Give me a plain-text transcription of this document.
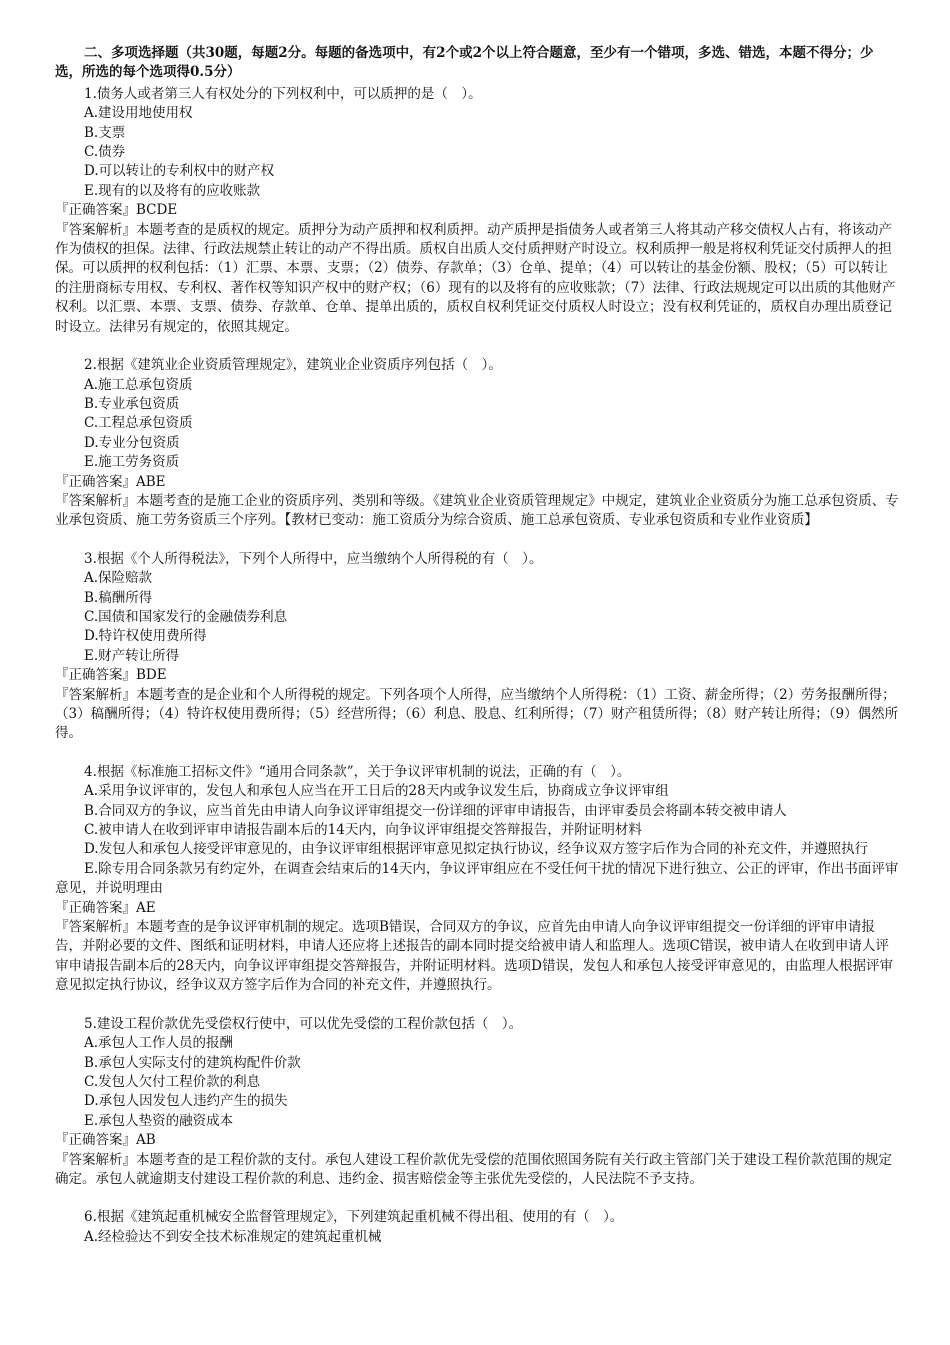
二、多项选择题（共30题，每题2分。每题的备选项中，有2个或2个以上符合题意，至少有一个错项，多选、错选，本题不得分；少选，所选的每个选项得0.5分）

1.债务人或者第三人有权处分的下列权利中，可以质押的是（　）。

A.建设用地使用权

B.支票

C.债券

D.可以转让的专利权中的财产权

E.现有的以及将有的应收账款

『正确答案』BCDE

『答案解析』本题考查的是质权的规定。质押分为动产质押和权利质押。动产质押是指债务人或者第三人将其动产移交债权人占有，将该动产作为债权的担保。法律、行政法规禁止转让的动产不得出质。质权自出质人交付质押财产时设立。权利质押一般是将权利凭证交付质押人的担保。可以质押的权利包括：（1）汇票、本票、支票；（2）债券、存款单；（3）仓单、提单；（4）可以转让的基金份额、股权；（5）可以转让的注册商标专用权、专利权、著作权等知识产权中的财产权；（6）现有的以及将有的应收账款；（7）法律、行政法规规定可以出质的其他财产权利。以汇票、本票、支票、债券、存款单、仓单、提单出质的，质权自权利凭证交付质权人时设立；没有权利凭证的，质权自办理出质登记时设立。法律另有规定的，依照其规定。

2.根据《建筑业企业资质管理规定》，建筑业企业资质序列包括（　）。

A.施工总承包资质

B.专业承包资质

C.工程总承包资质

D.专业分包资质

E.施工劳务资质

『正确答案』ABE

『答案解析』本题考查的是施工企业的资质序列、类别和等级。《建筑业企业资质管理规定》中规定，建筑业企业资质分为施工总承包资质、专业承包资质、施工劳务资质三个序列。【教材已变动：施工资质分为综合资质、施工总承包资质、专业承包资质和专业作业资质】

3.根据《个人所得税法》，下列个人所得中，应当缴纳个人所得税的有（　）。

A.保险赔款

B.稿酬所得

C.国债和国家发行的金融债券利息

D.特许权使用费所得

E.财产转让所得

『正确答案』BDE

『答案解析』本题考查的是企业和个人所得税的规定。下列各项个人所得，应当缴纳个人所得税：（1）工资、薪金所得；（2）劳务报酬所得；（3）稿酬所得；（4）特许权使用费所得；（5）经营所得；（6）利息、股息、红利所得；（7）财产租赁所得；（8）财产转让所得；（9）偶然所得。

4.根据《标准施工招标文件》“通用合同条款”，关于争议评审机制的说法，正确的有（　）。

A.采用争议评审的，发包人和承包人应当在开工日后的28天内或争议发生后，协商成立争议评审组

B.合同双方的争议，应当首先由申请人向争议评审组提交一份详细的评审申请报告，由评审委员会将副本转交被申请人

C.被申请人在收到评审申请报告副本后的14天内，向争议评审组提交答辩报告，并附证明材料

D.发包人和承包人接受评审意见的，由争议评审组根据评审意见拟定执行协议，经争议双方签字后作为合同的补充文件，并遵照执行

E.除专用合同条款另有约定外，在调查会结束后的14天内，争议评审组应在不受任何干扰的情况下进行独立、公正的评审，作出书面评审意见，并说明理由

『正确答案』AE

『答案解析』本题考查的是争议评审机制的规定。选项B错误，合同双方的争议，应首先由申请人向争议评审组提交一份详细的评审申请报告，并附必要的文件、图纸和证明材料，申请人还应将上述报告的副本同时提交给被申请人和监理人。选项C错误，被申请人在收到申请人评审申请报告副本后的28天内，向争议评审组提交答辩报告，并附证明材料。选项D错误，发包人和承包人接受评审意见的，由监理人根据评审意见拟定执行协议，经争议双方签字后作为合同的补充文件，并遵照执行。

5.建设工程价款优先受偿权行使中，可以优先受偿的工程价款包括（　）。

A.承包人工作人员的报酬

B.承包人实际支付的建筑构配件价款

C.发包人欠付工程价款的利息

D.承包人因发包人违约产生的损失

E.承包人垫资的融资成本

『正确答案』AB

『答案解析』本题考查的是工程价款的支付。承包人建设工程价款优先受偿的范围依照国务院有关行政主管部门关于建设工程价款范围的规定确定。承包人就逾期支付建设工程价款的利息、违约金、损害赔偿金等主张优先受偿的，人民法院不予支持。

6.根据《建筑起重机械安全监督管理规定》，下列建筑起重机械不得出租、使用的有（　）。

A.经检验达不到安全技术标准规定的建筑起重机械
